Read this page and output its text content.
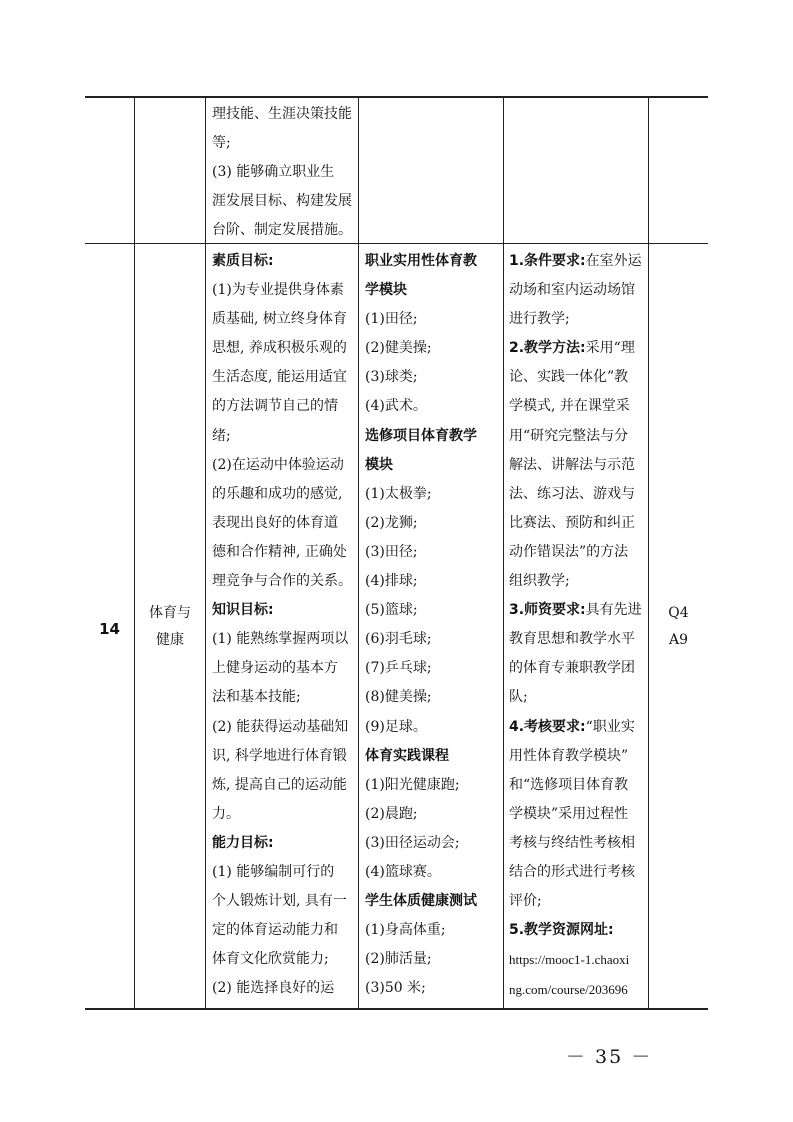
理技能、生涯决策技能
等;
(3) 能够确立职业生
涯发展目标、构建发展
台阶、制定发展措施。
14
体育与
健康
素质目标:
(1)为专业提供身体素
质基础, 树立终身体育
思想, 养成积极乐观的
生活态度, 能运用适宜
的方法调节自己的情
绪;
(2)在运动中体验运动
的乐趣和成功的感觉,
表现出良好的体育道
德和合作精神, 正确处
理竞争与合作的关系。
知识目标:
(1) 能熟练掌握两项以
上健身运动的基本方
法和基本技能;
(2) 能获得运动基础知
识, 科学地进行体育锻
炼, 提高自己的运动能
力。
能力目标:
(1) 能够编制可行的
个人锻炼计划, 具有一
定的体育运动能力和
体育文化欣赏能力;
(2) 能选择良好的运
职业实用性体育教
学模块
(1)田径;
(2)健美操;
(3)球类;
(4)武术。
选修项目体育教学
模块
(1)太极拳;
(2)龙狮;
(3)田径;
(4)排球;
(5)篮球;
(6)羽毛球;
(7)乒乓球;
(8)健美操;
(9)足球。
体育实践课程
(1)阳光健康跑;
(2)晨跑;
(3)田径运动会;
(4)篮球赛。
学生体质健康测试
(1)身高体重;
(2)肺活量;
(3)50 米;
1.条件要求:在室外运
动场和室内运动场馆
进行教学;
2.教学方法:采用“理
论、实践一体化”教
学模式, 并在课堂采
用“研究完整法与分
解法、讲解法与示范
法、练习法、游戏与
比赛法、预防和纠正
动作错误法”的方法
组织教学;
3.师资要求:具有先进
教育思想和教学水平
的体育专兼职教学团
队;
4.考核要求:“职业实
用性体育教学模块”
和“选修项目体育教
学模块”采用过程性
考核与终结性考核相
结合的形式进行考核
评价;
5.教学资源网址:
https://mooc1-1.chaoxi
ng.com/course/203696
Q4
A9
－ 35 －
